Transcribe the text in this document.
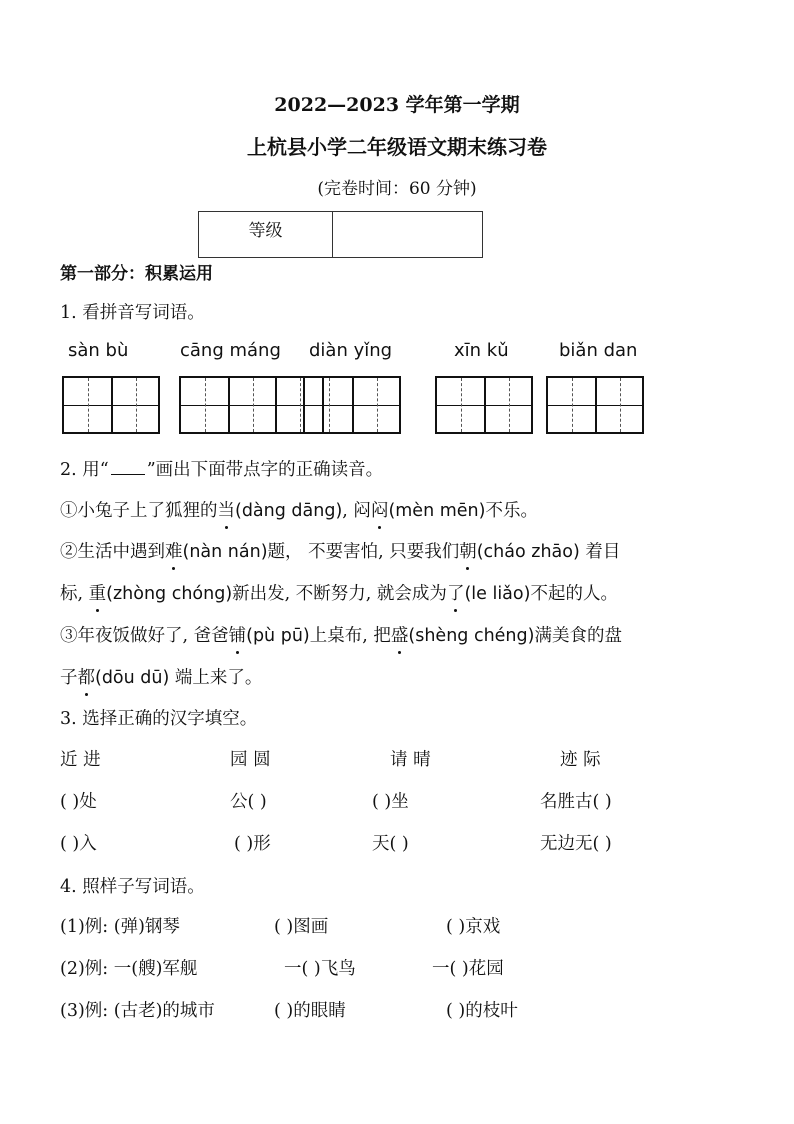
2022—2023 学年第一学期
上杭县小学二年级语文期末练习卷
(完卷时间：60 分钟)
等级	
第一部分：积累运用
1. 看拼音写词语。
sàn bù	cāng máng diàn yǐng	xīn kǔ	biǎn dan
2. 用“ ”画出下面带点字的正确读音。
①小兔子上了狐狸的当(dàng dāng), 闷闷(mèn mēn)不乐。
②生活中遇到难(nàn nán)题， 不要害怕, 只要我们朝(cháo zhāo) 着目
标, 重(zhòng chóng)新出发, 不断努力, 就会成为了(le liǎo)不起的人。
③年夜饭做好了, 爸爸铺(pù pū)上桌布, 把盛(shèng chéng)满美食的盘
子都(dōu dū) 端上来了。
3. 选择正确的汉字填空。
近 进	园 圆	请 晴	迹 际
( )处	公( )	( )坐	名胜古( )
( )入	( )形	天( )	无边无( )
4. 照样子写词语。
(1)例: (弹)钢琴	( )图画	( )京戏
(2)例: 一(艘)军舰	一( )飞鸟	一( )花园
(3)例: (古老)的城市	( )的眼睛	( )的枝叶
